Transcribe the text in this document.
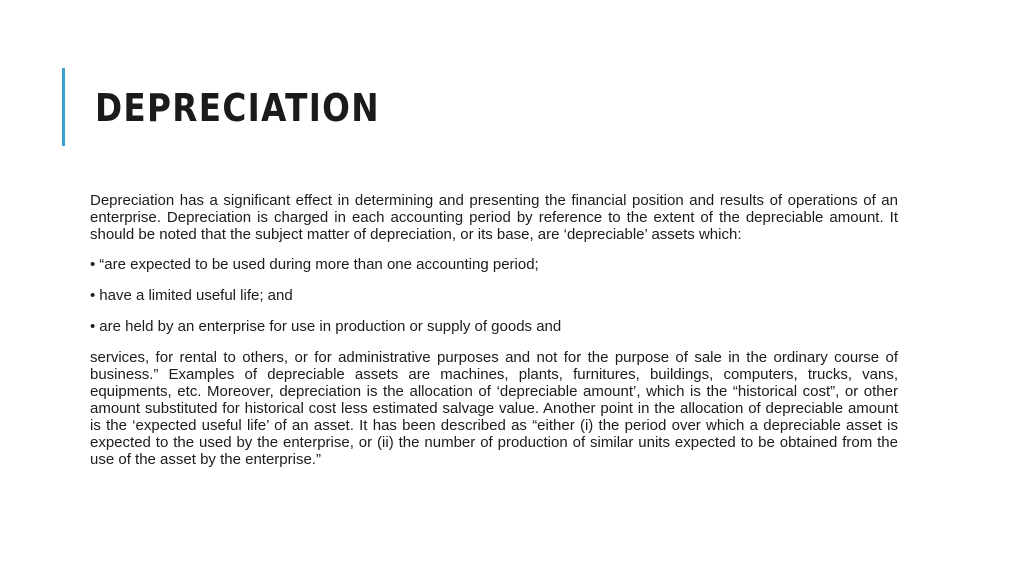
DEPRECIATION

Depreciation has a significant effect in determining and presenting the financial position and results of operations of an enterprise. Depreciation is charged in each accounting period by reference to the extent of the depreciable amount. It should be noted that the subject matter of depreciation, or its base, are ‘depreciable’ assets which:

• “are expected to be used during more than one accounting period;

• have a limited useful life; and

• are held by an enterprise for use in production or supply of goods and

services, for rental to others, or for administrative purposes and not for the purpose of sale in the ordinary course of business.” Examples of depreciable assets are machines, plants, furnitures, buildings, computers, trucks, vans, equipments, etc. Moreover, depreciation is the allocation of ‘depreciable amount’, which is the “historical cost”, or other amount substituted for historical cost less estimated salvage value. Another point in the allocation of depreciable amount is the ‘expected useful life’ of an asset. It has been described as “either (i) the period over which a depreciable asset is expected to the used by the enterprise, or (ii) the number of production of similar units expected to be obtained from the use of the asset by the enterprise.”
